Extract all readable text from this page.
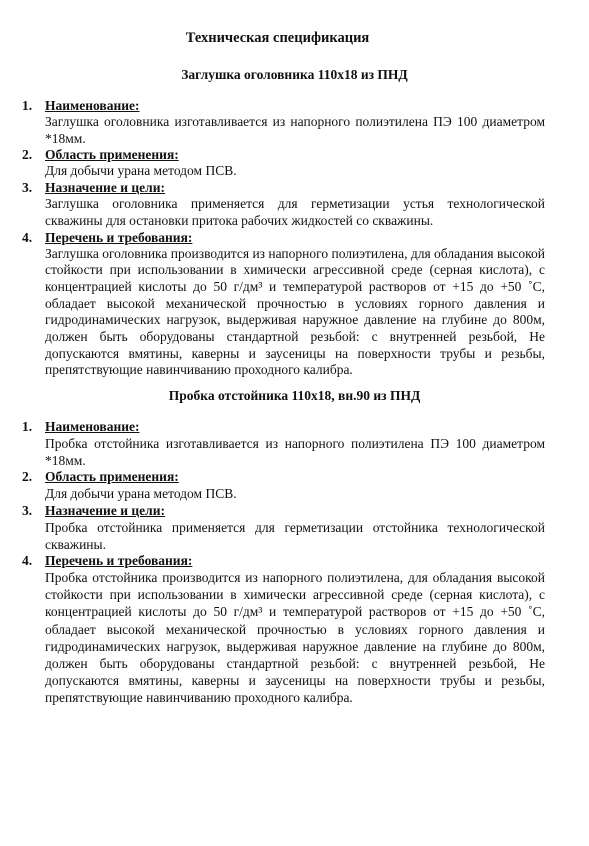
Техническая спецификация
Заглушка оголовника 110х18 из ПНД
1. Наименование:
Заглушка оголовника изготавливается из напорного полиэтилена ПЭ 100 диаметром *18мм.
2. Область применения:
Для добычи урана методом ПСВ.
3. Назначение и цели:
Заглушка оголовника применяется для герметизации устья технологической скважины для остановки притока рабочих жидкостей со скважины.
4. Перечень и требования:
Заглушка оголовника производится из напорного полиэтилена, для обладания высокой стойкости при использовании в химически агрессивной среде (серная кислота), с концентрацией кислоты до 50 г/дм³ и температурой растворов от +15 до +50 ˚С, обладает высокой механической прочностью в условиях горного давления и гидродинамических нагрузок, выдерживая наружное давление на глубине до 800м, должен быть оборудованы стандартной резьбой: с внутренней резьбой, Не допускаются вмятины, каверны и заусеницы на поверхности трубы и резьбы, препятствующие навинчиванию проходного калибра.
Пробка отстойника 110х18, вн.90 из ПНД
1. Наименование:
Пробка отстойника изготавливается из напорного полиэтилена ПЭ 100 диаметром *18мм.
2. Область применения:
Для добычи урана методом ПСВ.
3. Назначение и цели:
Пробка отстойника применяется для герметизации отстойника технологической скважины.
4. Перечень и требования:
Пробка отстойника производится из напорного полиэтилена, для обладания высокой стойкости при использовании в химически агрессивной среде (серная кислота), с концентрацией кислоты до 50 г/дм³ и температурой растворов от +15 до +50 ˚С, обладает высокой механической прочностью в условиях горного давления и гидродинамических нагрузок, выдерживая наружное давление на глубине до 800м, должен быть оборудованы стандартной резьбой: с внутренней резьбой, Не допускаются вмятины, каверны и заусеницы на поверхности трубы и резьбы, препятствующие навинчиванию проходного калибра.
